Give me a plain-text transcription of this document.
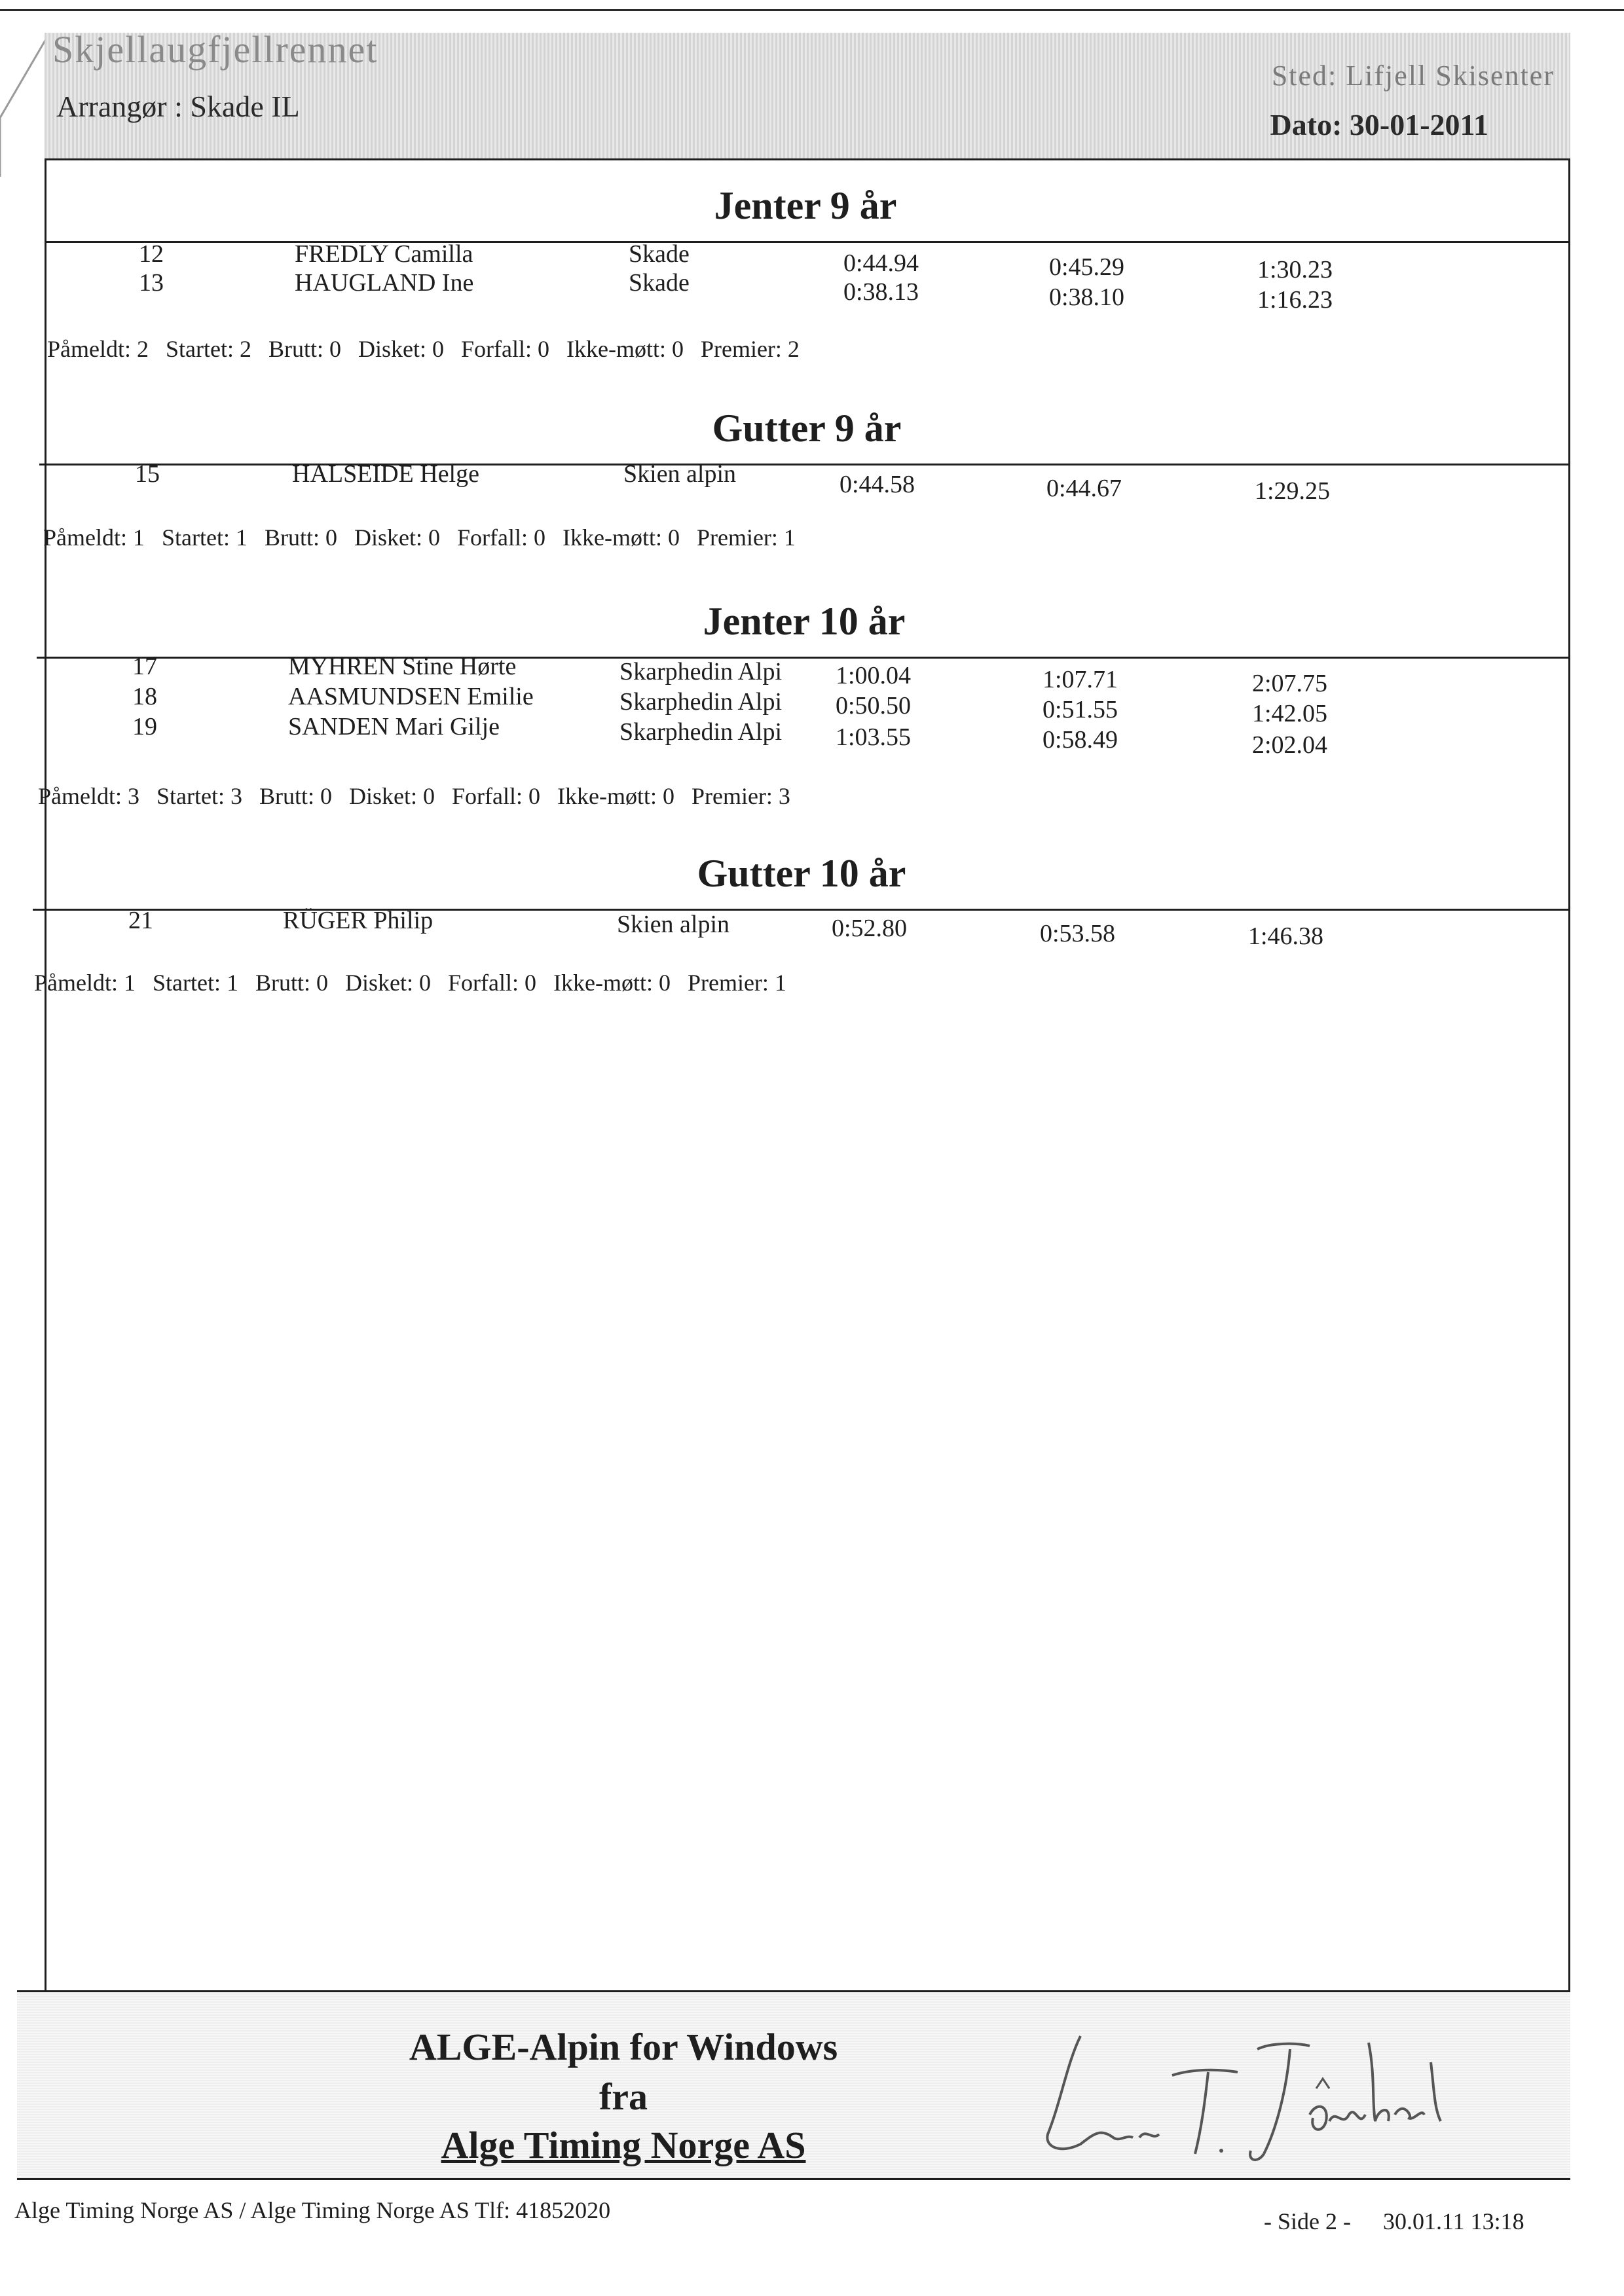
Skjellaugfjellrennet
Arrangør : Skade IL
Sted: Lifjell Skisenter
Dato: 30-01-2011
Jenter 9 år
12	FREDLY Camilla	Skade	0:44.94	0:45.29	1:30.23
13	HAUGLAND Ine	Skade	0:38.13	0:38.10	1:16.23
Påmeldt: 2 Startet: 2 Brutt: 0 Disket: 0 Forfall: 0 Ikke-møtt: 0 Premier: 2
Gutter 9 år
15	HALSEIDE Helge	Skien alpin	0:44.58	0:44.67	1:29.25
Påmeldt: 1 Startet: 1 Brutt: 0 Disket: 0 Forfall: 0 Ikke-møtt: 0 Premier: 1
Jenter 10 år
17	MYHREN Stine Hørte	Skarphedin Alpi 1:00.04	1:07.71	2:07.75
18	AASMUNDSEN Emilie	Skarphedin Alpi 0:50.50	0:51.55	1:42.05
19	SANDEN Mari Gilje	Skarphedin Alpi 1:03.55	0:58.49	2:02.04
Påmeldt: 3 Startet: 3 Brutt: 0 Disket: 0 Forfall: 0 Ikke-møtt: 0 Premier: 3
Gutter 10 år
21	RÜGER Philip	Skien alpin	0:52.80	0:53.58	1:46.38
Påmeldt: 1 Startet: 1 Brutt: 0 Disket: 0 Forfall: 0 Ikke-møtt: 0 Premier: 1
ALGE-Alpin for Windows
fra
Alge Timing Norge AS
Alge Timing Norge AS / Alge Timing Norge AS Tlf: 41852020	- Side 2 - 30.01.11 13:18
